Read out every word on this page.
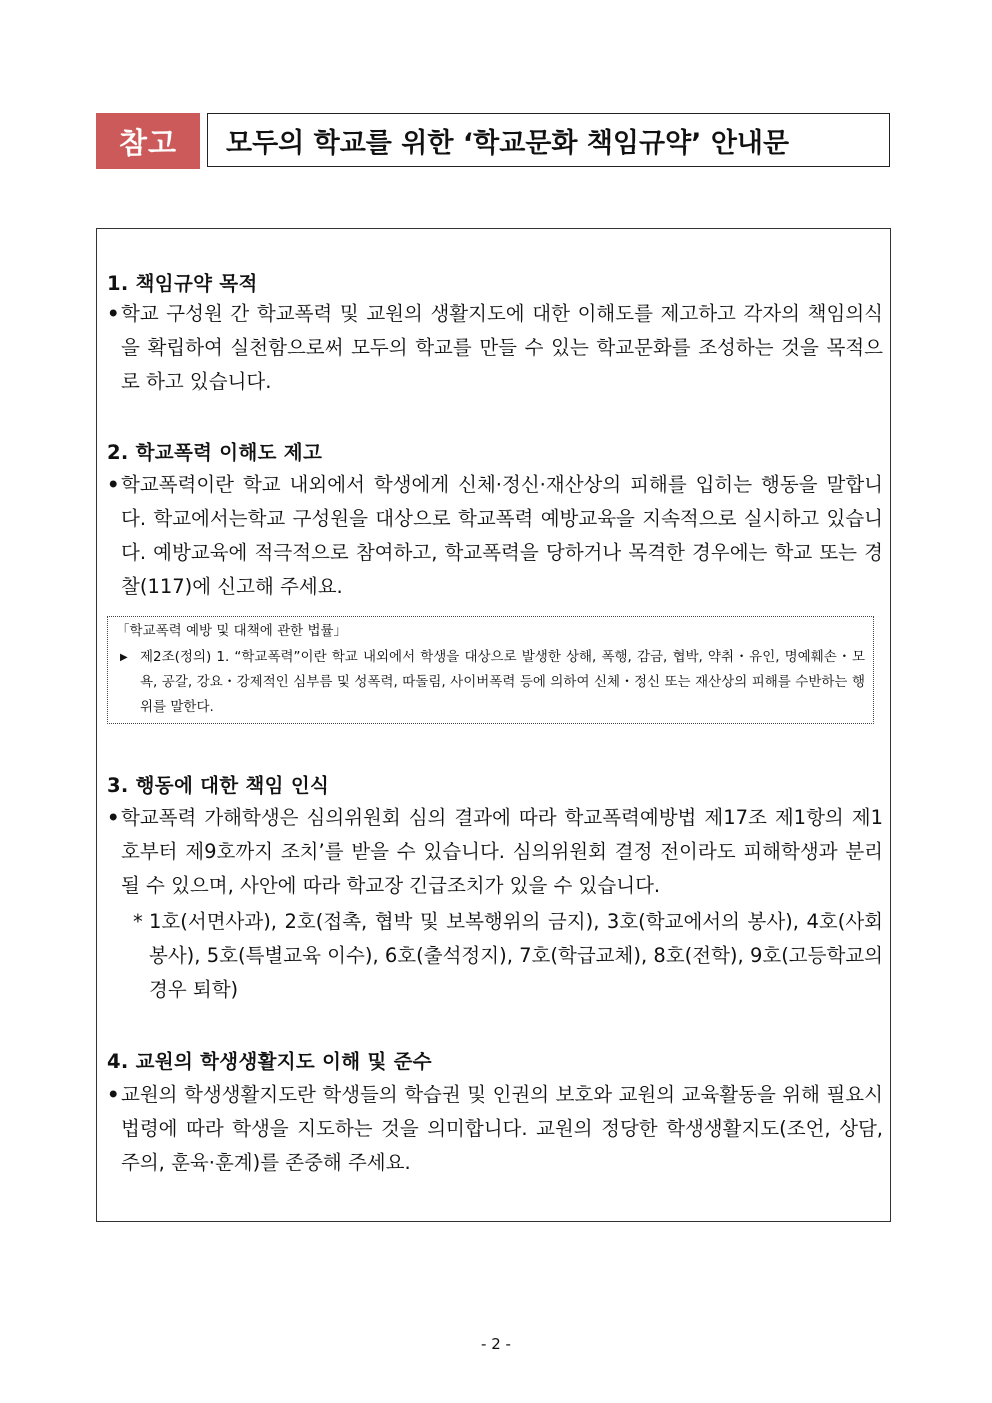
참고	모두의 학교를 위한 ‘학교문화 책임규약’ 안내문
1. 책임규약 목적
• 학교 구성원 간 학교폭력 및 교원의 생활지도에 대한 이해도를 제고하고 각자의 책임의식을 확립하여 실천함으로써 모두의 학교를 만들 수 있는 학교문화를 조성하는 것을 목적으로 하고 있습니다.
2. 학교폭력 이해도 제고
• 학교폭력이란 학교 내외에서 학생에게 신체·정신·재산상의 피해를 입히는 행동을 말합니다. 학교에서는학교 구성원을 대상으로 학교폭력 예방교육을 지속적으로 실시하고 있습니다. 예방교육에 적극적으로 참여하고, 학교폭력을 당하거나 목격한 경우에는 학교 또는 경찰(117)에 신고해 주세요.
「학교폭력 예방 및 대책에 관한 법률」
▶ 제2조(정의) 1. “학교폭력”이란 학교 내외에서 학생을 대상으로 발생한 상해, 폭행, 감금, 협박, 약취・유인, 명예훼손・모욕, 공갈, 강요・강제적인 심부름 및 성폭력, 따돌림, 사이버폭력 등에 의하여 신체・정신 또는 재산상의 피해를 수반하는 행위를 말한다.
3. 행동에 대한 책임 인식
• 학교폭력 가해학생은 심의위원회 심의 결과에 따라 학교폭력예방법 제17조 제1항의 제1호부터 제9호까지 조치’를 받을 수 있습니다. 심의위원회 결정 전이라도 피해학생과 분리될 수 있으며, 사안에 따라 학교장 긴급조치가 있을 수 있습니다.
* 1호(서면사과), 2호(접촉, 협박 및 보복행위의 금지), 3호(학교에서의 봉사), 4호(사회봉사), 5호(특별교육 이수), 6호(출석정지), 7호(학급교체), 8호(전학), 9호(고등학교의 경우 퇴학)
4. 교원의 학생생활지도 이해 및 준수
• 교원의 학생생활지도란 학생들의 학습권 및 인권의 보호와 교원의 교육활동을 위해 필요시 법령에 따라 학생을 지도하는 것을 의미합니다. 교원의 정당한 학생생활지도(조언, 상담, 주의, 훈육·훈계)를 존중해 주세요.
- 2 -
